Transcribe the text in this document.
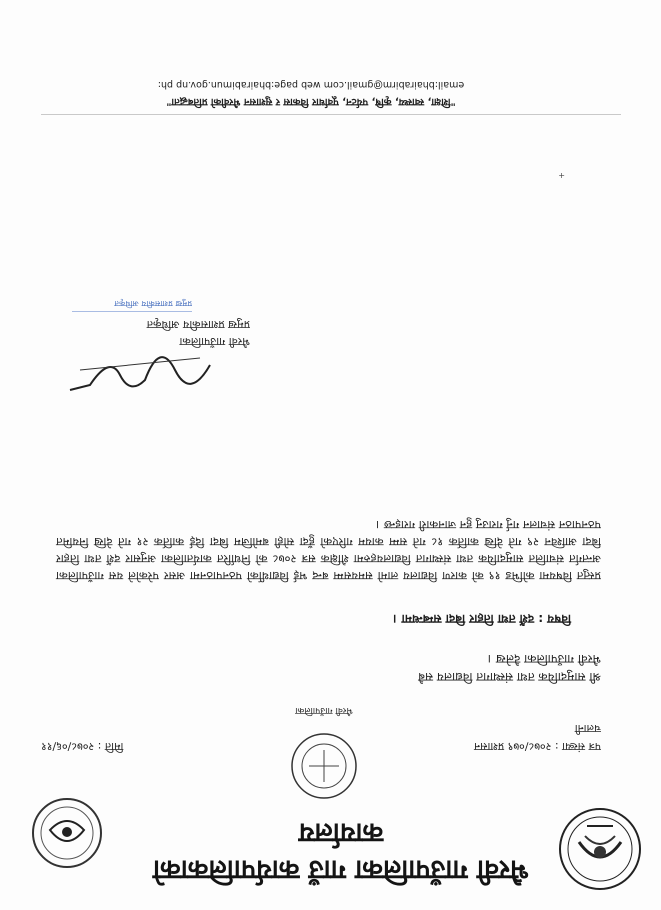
भैरवी गाउँपालिका गाउँ कार्यपालिकाको कार्यालय
भैरवी गाउँपालिका
पत्र संख्या : २०७८/०७९ प्रशासन
मिति : २०७८/०६/११
चलानी
श्री सामुदायिक तथा संस्थागत विद्यालय सबै
भैरवी गाउँपालिका दैलेख ।
विषय : दशैं तथा तिहार बिदा सम्बन्धमा ।
प्रस्तुत विषयमा कोभिड १९ को कारण विद्यालय लामो समयसम्म बन्द भई विद्यार्थीको पठनपाठनमा असर परेकोले यस गाउँपालिका अन्तर्गत संचालित सामुदायिक तथा संस्थागत विद्यालयहरुमा शैक्षिक सत्र २०७८ को निर्धारित कार्यतालिका अनुसार दशैं तथा तिहार बिदा आश्विन २९ गते देखि कार्तिक १८ गते सम्म कायम गरिएको हुँदा सोही बमोजिम बिदा दिई कार्तिक २१ गते देखि नियमित पठनपाठन संचालन गर्नु गराउनु हुन जानकारी गराइन्छ ।
भैरवी गाउँपालिका
प्रमुख प्रशासकीय अधिकृत
प्रमुख प्रशासकीय अधिकृत
+
"शिक्षा, स्वास्थ्य, कृषि, पर्यटन, पूर्वाधार विकास र सुशासन भैरवीको प्रतिबद्धता"
email:bhairabirm@gmail.com web page:bhairabimun.gov.np ph:
